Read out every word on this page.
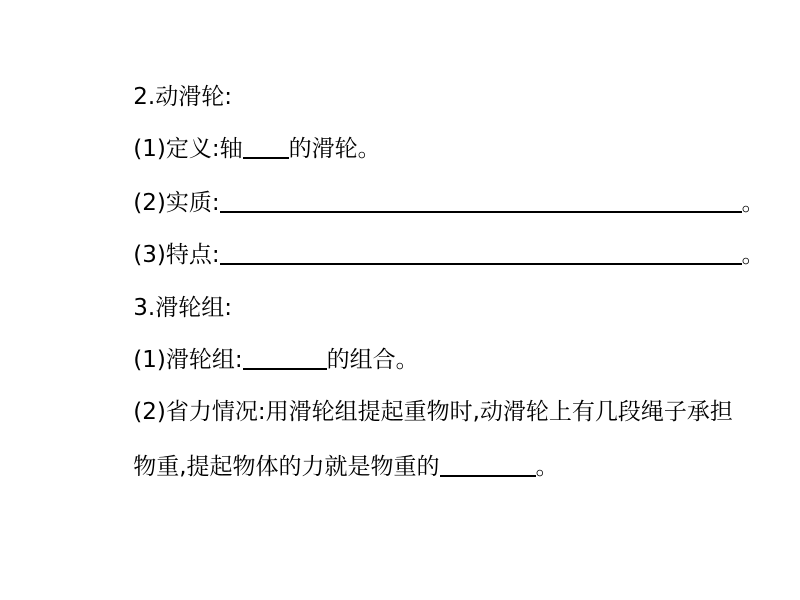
2.动滑轮:

(1)定义:轴 的滑轮。

(2)实质:	。

(3)特点:	。

3.滑轮组:

(1)滑轮组:	的组合。

(2)省力情况:用滑轮组提起重物时,动滑轮上有几段绳子承担

物重,提起物体的力就是物重的	。
